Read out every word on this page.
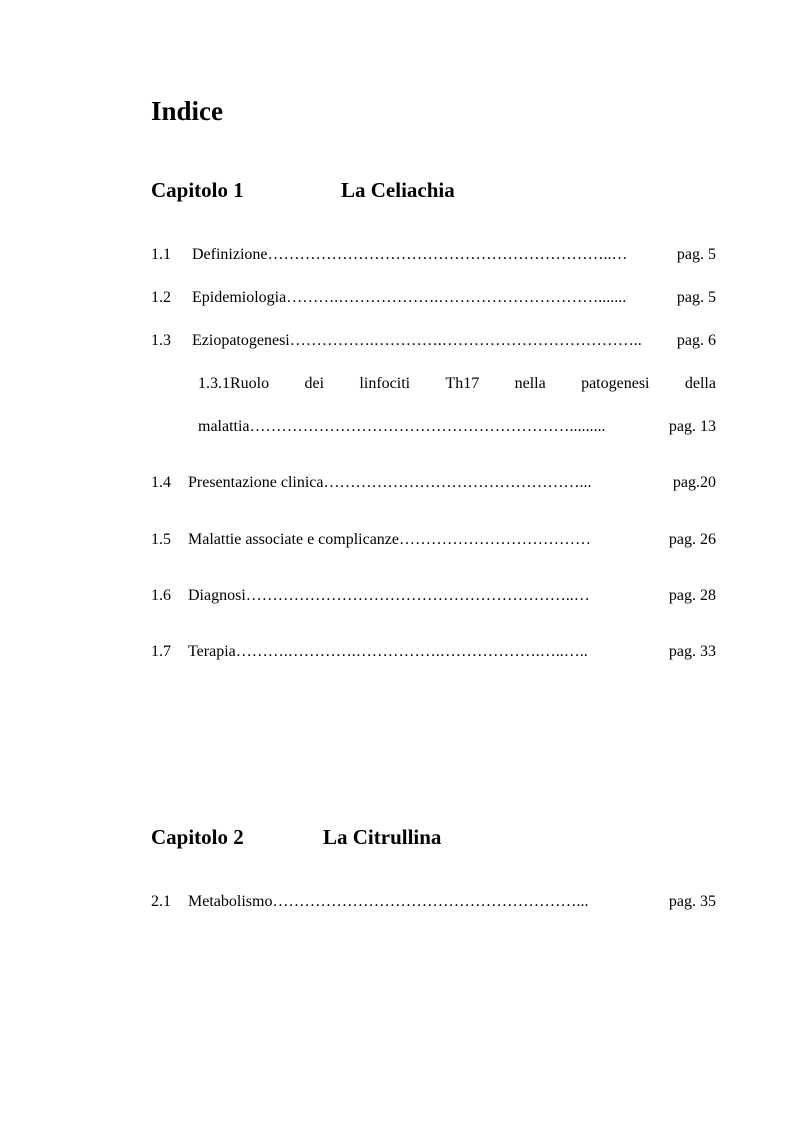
Indice
Capitolo 1	La Celiachia
1.1 Definizione ………………………………………………………..…	pag. 5
1.2 Epidemiologia ……….……………….………………………….......	pag. 5
1.3 Eziopatogenesi …………….………….………………………………..	pag. 6
1.3.1Ruolo dei linfociti Th17 nella patogenesi della
malattia …………………………………………………….........	pag. 13
1.4 Presentazione clinica …………………………………………...	pag.20
1.5 Malattie associate e complicanze ………………………………	pag. 26
1.6 Diagnosi ……………………………………………………..…	pag. 28
1.7 Terapia ……….………….…………….……………….…..…..	pag. 33
Capitolo 2	La Citrullina
2.1 Metabolismo …………………………………………………...	pag. 35
